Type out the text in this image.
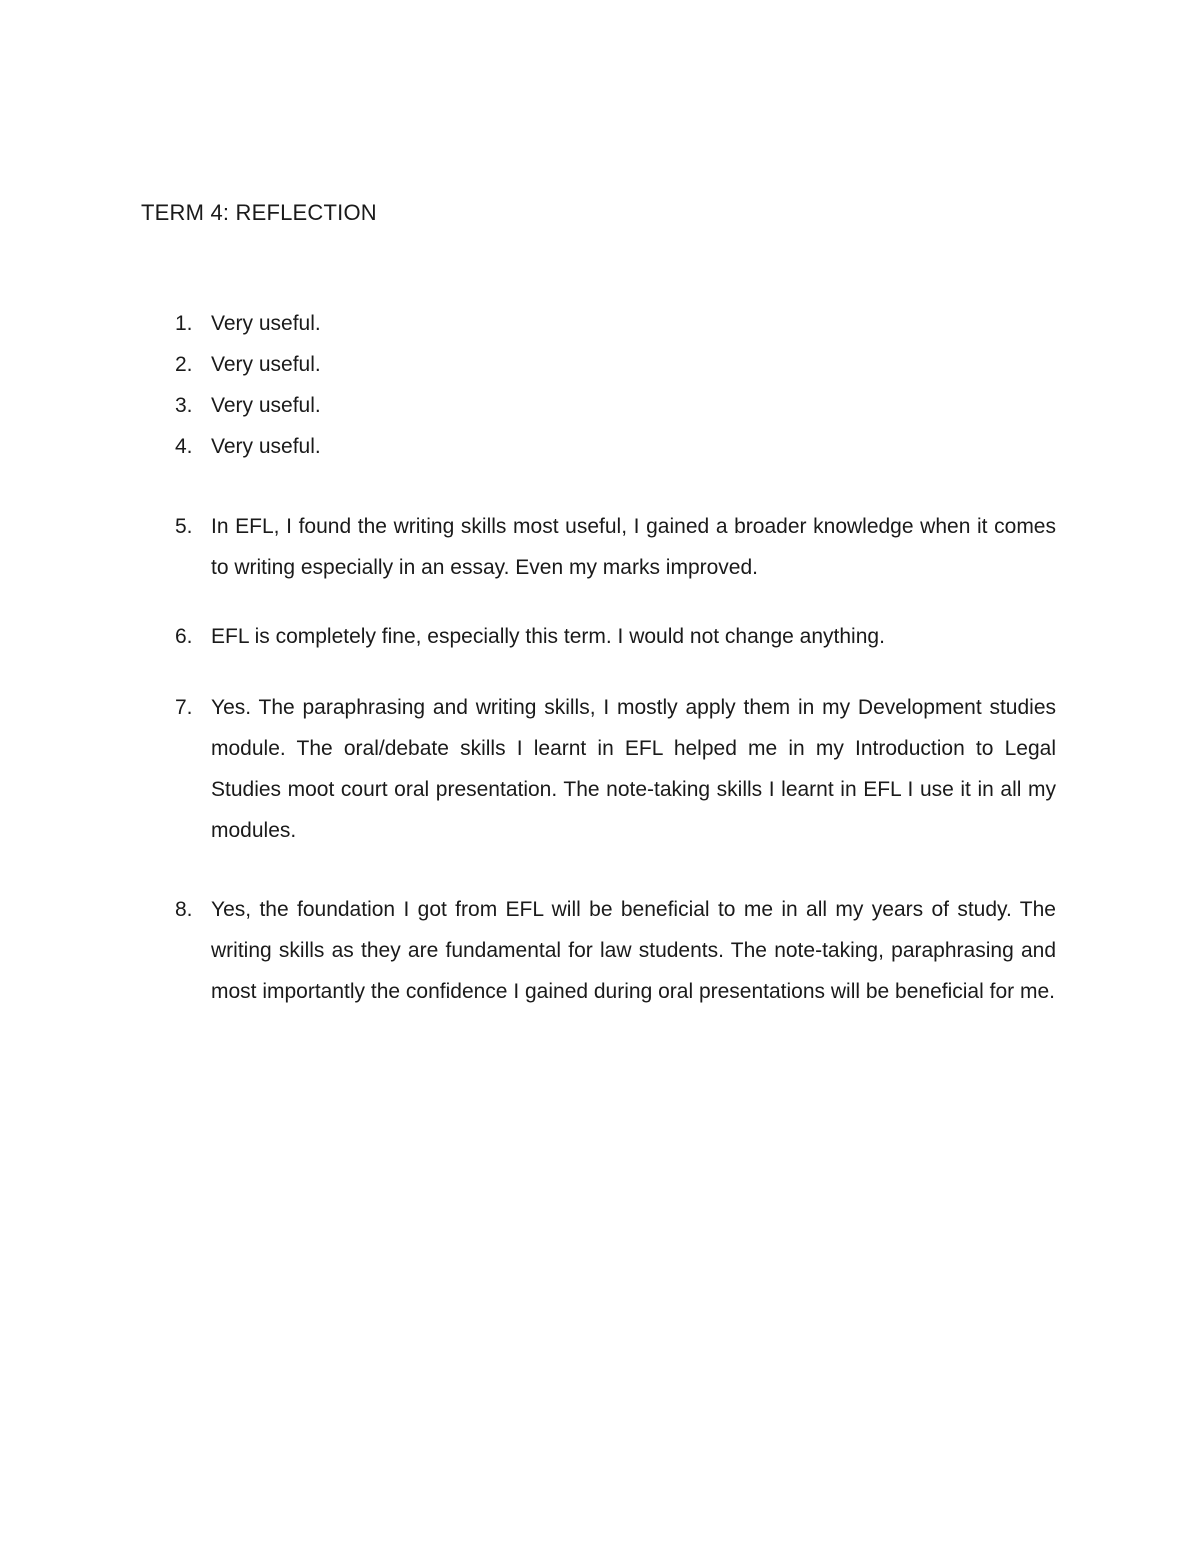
TERM 4: REFLECTION
1. Very useful.
2. Very useful.
3. Very useful.
4. Very useful.
5. In EFL, I found the writing skills most useful, I gained a broader knowledge when it comes to writing especially in an essay. Even my marks improved.
6. EFL is completely fine, especially this term. I would not change anything.
7. Yes. The paraphrasing and writing skills, I mostly apply them in my Development studies module. The oral/debate skills I learnt in EFL helped me in my Introduction to Legal Studies moot court oral presentation. The note-taking skills I learnt in EFL I use it in all my modules.
8. Yes, the foundation I got from EFL will be beneficial to me in all my years of study. The writing skills as they are fundamental for law students. The note-taking, paraphrasing and most importantly the confidence I gained during oral presentations will be beneficial for me.
